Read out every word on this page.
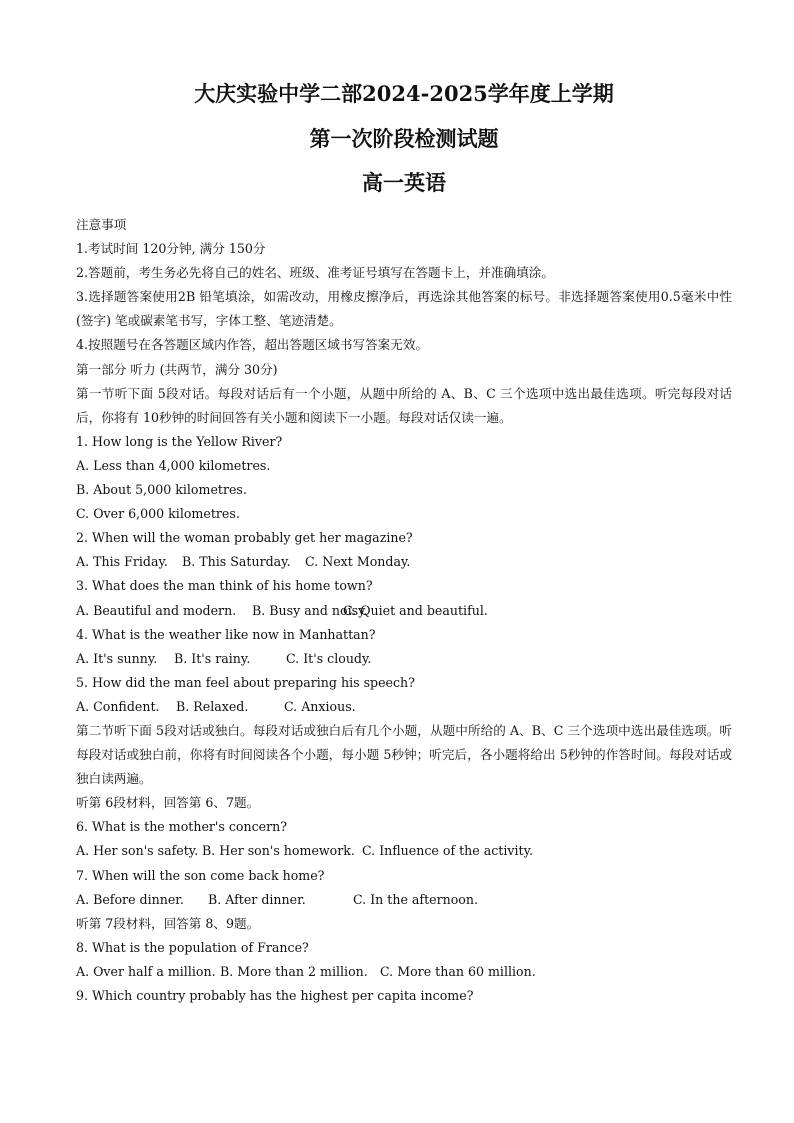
大庆实验中学二部2024-2025学年度上学期
第一次阶段检测试题
高一英语
注意事项
1.考试时间 120分钟, 满分 150分
2.答题前，考生务必先将自己的姓名、班级、准考证号填写在答题卡上，并准确填涂。
3.选择题答案使用2B 铅笔填涂，如需改动，用橡皮擦净后，再选涂其他答案的标号。非选择题答案使用0.5毫米中性(签字) 笔或碳素笔书写，字体工整、笔迹清楚。
4.按照题号在各答题区域内作答，超出答题区域书写答案无效。
第一部分 听力 (共两节，满分 30分)
第一节听下面 5段对话。每段对话后有一个小题，从题中所给的 A、B、C 三个选项中选出最佳选项。听完每段对话后，你将有 10秒钟的时间回答有关小题和阅读下一小题。每段对话仅读一遍。
1. How long is the Yellow River?
A. Less than 4,000 kilometres.
B. About 5,000 kilometres.
C. Over 6,000 kilometres.
2. When will the woman probably get her magazine?
A. This Friday. B. This Saturday. C. Next Monday.
3. What does the man think of his home town?
A. Beautiful and modern. B. Busy and noisy.C. Quiet and beautiful.
4. What is the weather like now in Manhattan?
A. It's sunny. B. It's rainy.	C. It's cloudy.
5. How did the man feel about preparing his speech?
A. Confident. B. Relaxed.	C. Anxious.
第二节听下面 5段对话或独白。每段对话或独白后有几个小题，从题中所给的 A、B、C 三个选项中选出最佳选项。听每段对话或独白前，你将有时间阅读各个小题，每小题 5秒钟；听完后，各小题将给出 5秒钟的作答时间。每段对话或独白读两遍。
听第 6段材料，回答第 6、7题。
6. What is the mother's concern?
A. Her son's safety. B. Her son's homework. C. Influence of the activity.
7. When will the son come back home?
A. Before dinner. B. After dinner.	C. In the afternoon.
听第 7段材料，回答第 8、9题。
8. What is the population of France?
A. Over half a million. B. More than 2 million. C. More than 60 million.
9. Which country probably has the highest per capita income?
